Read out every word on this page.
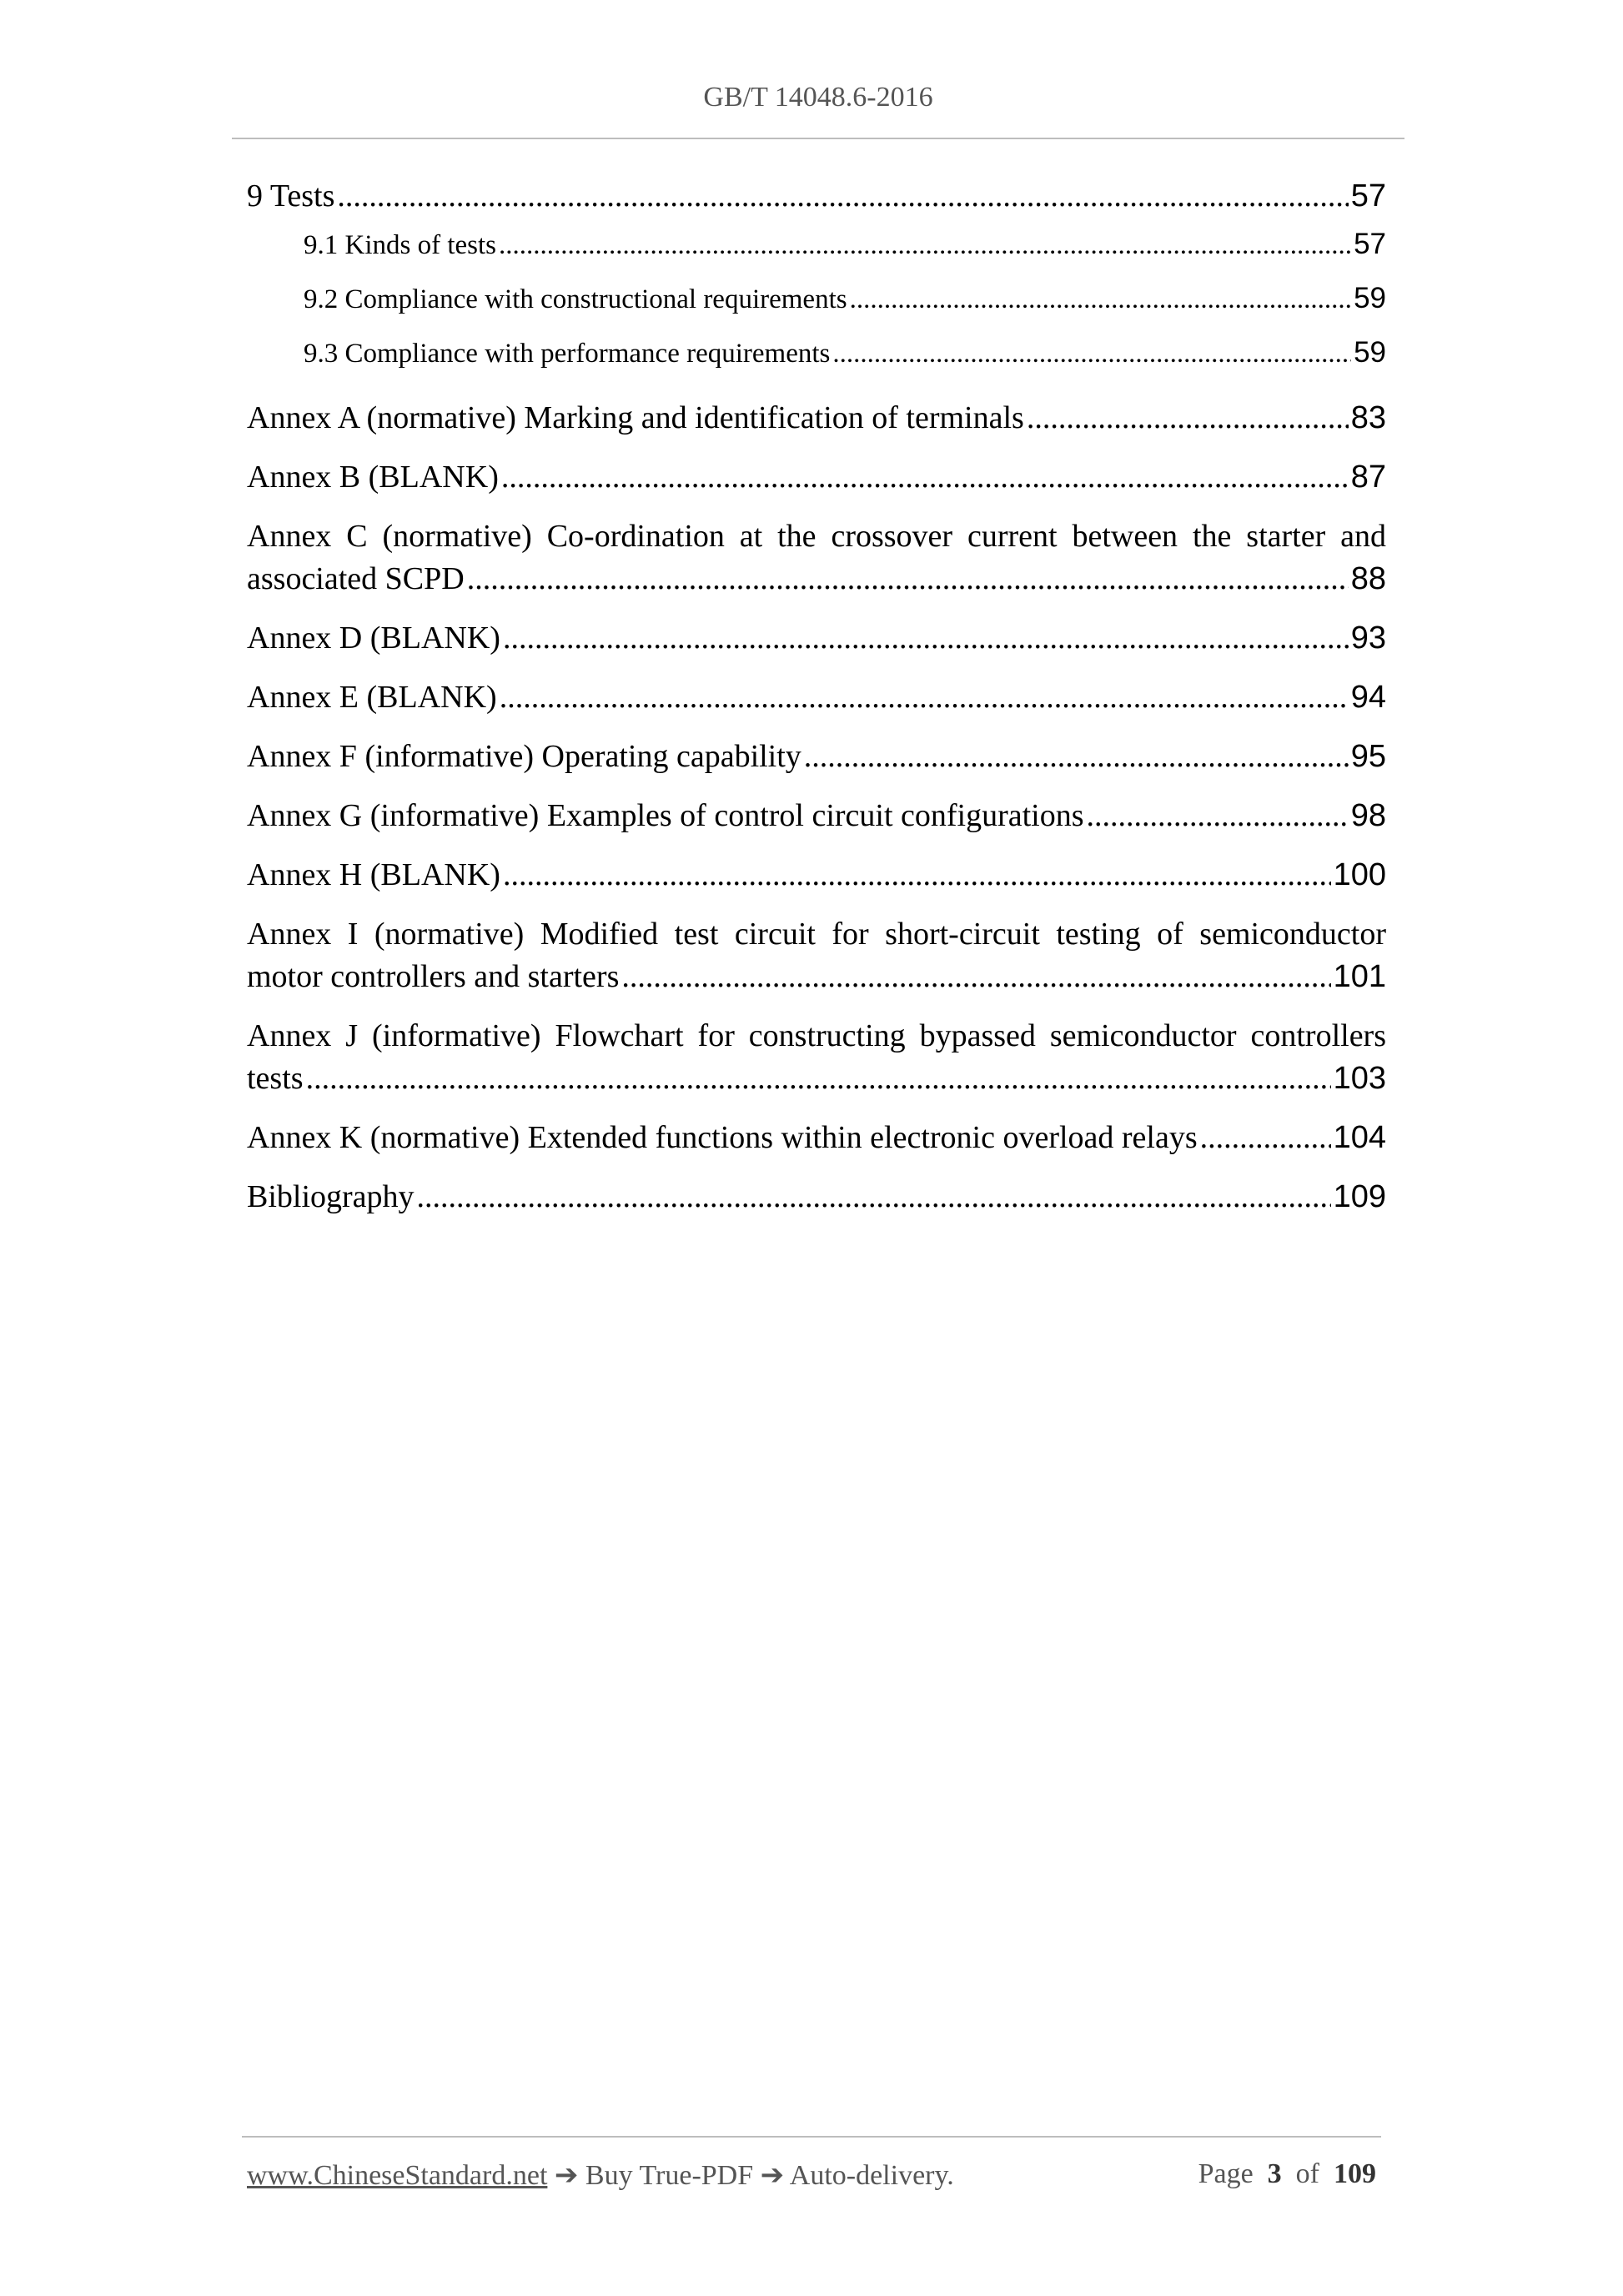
GB/T 14048.6-2016
9 Tests .....	57
9.1 Kinds of tests .....	57
9.2 Compliance with constructional requirements .....	59
9.3 Compliance with performance requirements .....	59
Annex A (normative) Marking and identification of terminals .....	83
Annex B (BLANK) .....	87
Annex C (normative) Co-ordination at the crossover current between the starter and
associated SCPD .....	88
Annex D (BLANK) .....	93
Annex E (BLANK) .....	94
Annex F (informative) Operating capability .....	95
Annex G (informative) Examples of control circuit configurations .....	98
Annex H (BLANK) .....	100
Annex I (normative) Modified test circuit for short-circuit testing of semiconductor
motor controllers and starters .....	101
Annex J (informative) Flowchart for constructing bypassed semiconductor controllers
tests .....	103
Annex K (normative) Extended functions within electronic overload relays .....	104
Bibliography .....	109
www.ChineseStandard.net ➔ Buy True-PDF ➔ Auto-delivery.	Page 3 of 109
